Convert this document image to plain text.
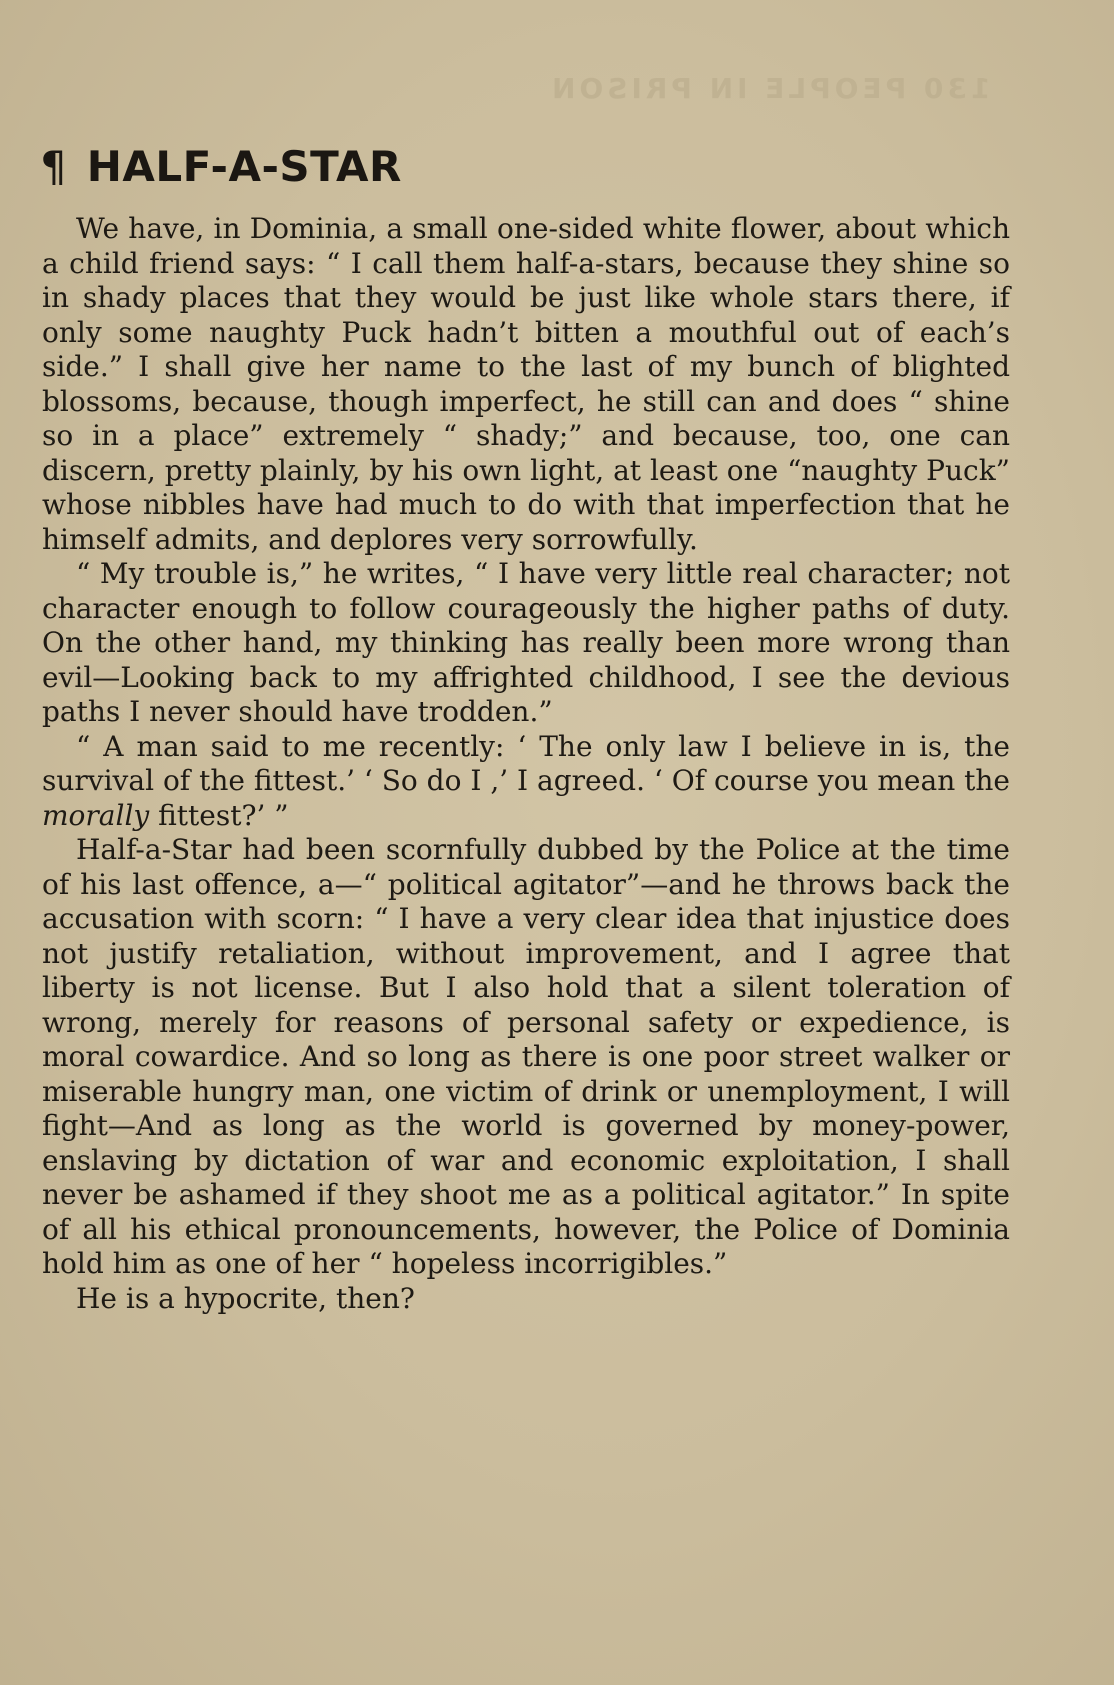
130 PEOPLE IN PRISON
¶ HALF-A-STAR

We have, in Dominia, a small one-sided white flower, about which a child friend says: “ I call them half-a-stars, because they shine so in shady places that they would be just like whole stars there, if only some naughty Puck hadn’t bitten a mouthful out of each’s side.” I shall give her name to the last of my bunch of blighted blossoms, because, though imperfect, he still can and does “ shine so in a place” extremely “ shady;” and because, too, one can discern, pretty plainly, by his own light, at least one “naughty Puck” whose nibbles have had much to do with that imperfection that he himself admits, and deplores very sorrowfully.

“ My trouble is,” he writes, “ I have very little real character; not character enough to follow courageously the higher paths of duty. On the other hand, my thinking has really been more wrong than evil—Looking back to my affrighted childhood, I see the devious paths I never should have trodden.”

“ A man said to me recently: ‘ The only law I believe in is, the survival of the fittest.’ ‘ So do I ,’ I agreed. ‘ Of course you mean the morally fittest?’ ”

Half-a-Star had been scornfully dubbed by the Police at the time of his last offence, a—“ political agitator”—and he throws back the accusation with scorn: “ I have a very clear idea that injustice does not justify retaliation, without improvement, and I agree that liberty is not license. But I also hold that a silent toleration of wrong, merely for reasons of personal safety or expedience, is moral cowardice. And so long as there is one poor street walker or miserable hungry man, one victim of drink or unemployment, I will fight—And as long as the world is governed by money-power, enslaving by dictation of war and economic exploitation, I shall never be ashamed if they shoot me as a political agitator.” In spite of all his ethical pronouncements, however, the Police of Dominia hold him as one of her “ hopeless incorrigibles.”

He is a hypocrite, then?
